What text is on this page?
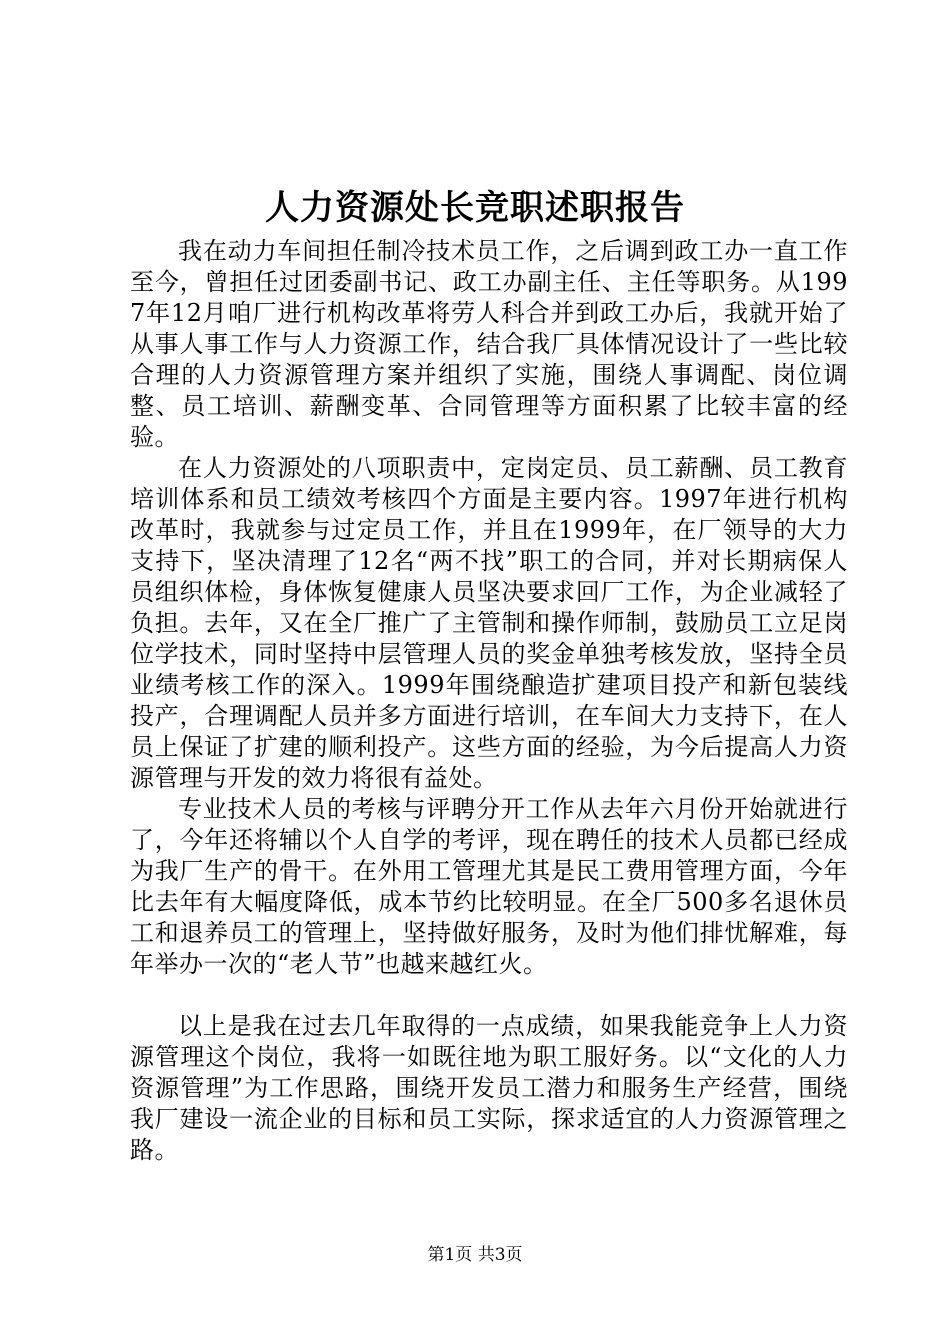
人力资源处长竞职述职报告

我在动力车间担任制冷技术员工作，之后调到政工办一直工作至今，曾担任过团委副书记、政工办副主任、主任等职务。从1997年12月咱厂进行机构改革将劳人科合并到政工办后，我就开始了从事人事工作与人力资源工作，结合我厂具体情况设计了一些比较合理的人力资源管理方案并组织了实施，围绕人事调配、岗位调整、员工培训、薪酬变革、合同管理等方面积累了比较丰富的经验。

在人力资源处的八项职责中，定岗定员、员工薪酬、员工教育培训体系和员工绩效考核四个方面是主要内容。1997年进行机构改革时，我就参与过定员工作，并且在1999年，在厂领导的大力支持下，坚决清理了12名“两不找”职工的合同，并对长期病保人员组织体检，身体恢复健康人员坚决要求回厂工作，为企业减轻了负担。去年，又在全厂推广了主管制和操作师制，鼓励员工立足岗位学技术，同时坚持中层管理人员的奖金单独考核发放，坚持全员业绩考核工作的深入。1999年围绕酿造扩建项目投产和新包装线投产，合理调配人员并多方面进行培训，在车间大力支持下，在人员上保证了扩建的顺利投产。这些方面的经验，为今后提高人力资源管理与开发的效力将很有益处。

专业技术人员的考核与评聘分开工作从去年六月份开始就进行了，今年还将辅以个人自学的考评，现在聘任的技术人员都已经成为我厂生产的骨干。在外用工管理尤其是民工费用管理方面，今年比去年有大幅度降低，成本节约比较明显。在全厂500多名退休员工和退养员工的管理上，坚持做好服务，及时为他们排忧解难，每年举办一次的“老人节”也越来越红火。

以上是我在过去几年取得的一点成绩，如果我能竞争上人力资源管理这个岗位，我将一如既往地为职工服好务。以“文化的人力资源管理”为工作思路，围绕开发员工潜力和服务生产经营，围绕我厂建设一流企业的目标和员工实际，探求适宜的人力资源管理之路。

第1页 共3页
